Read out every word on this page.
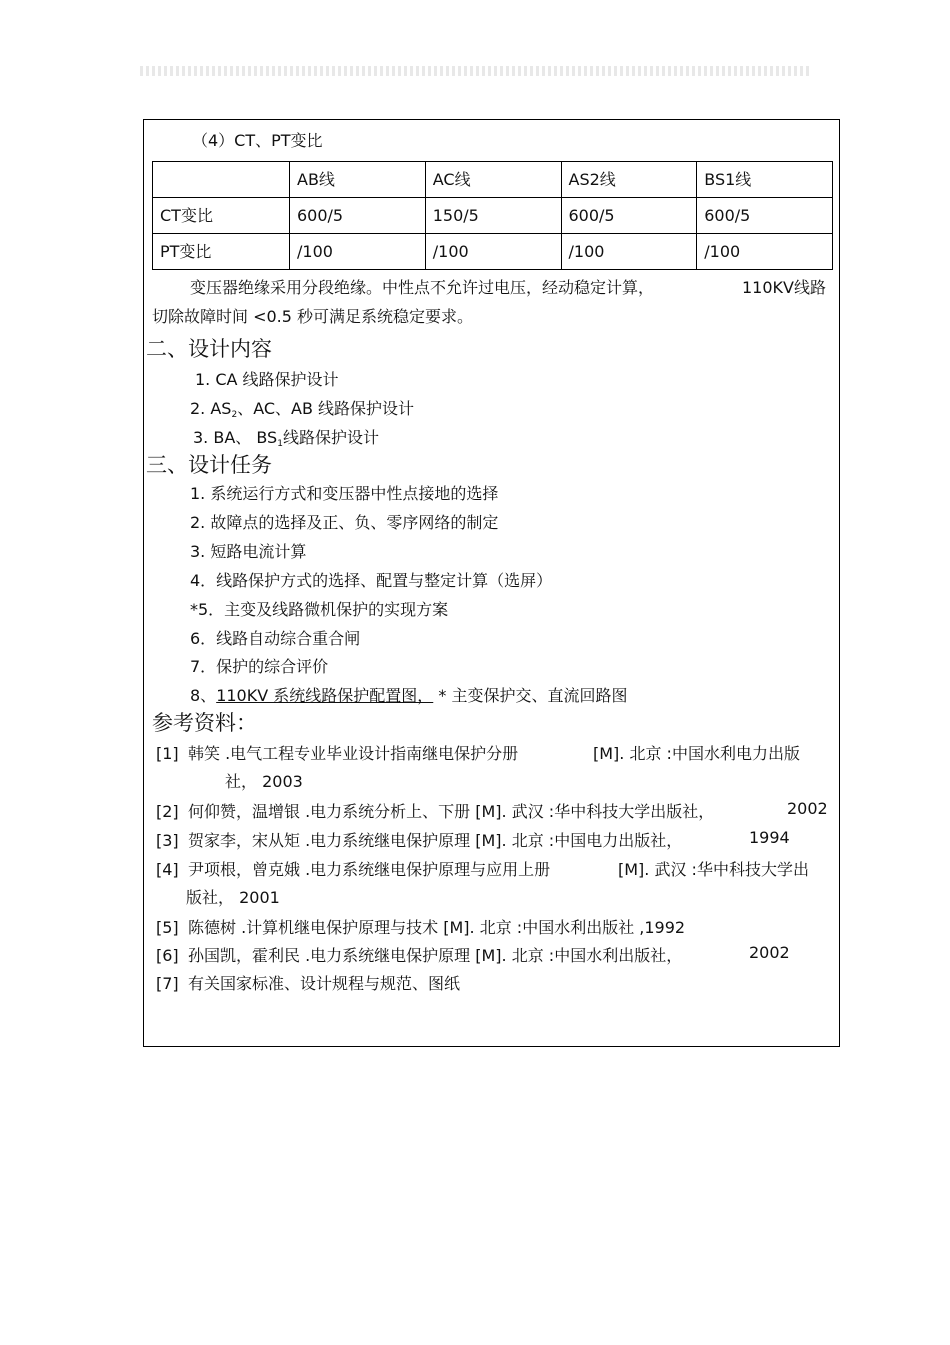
（4）CT、PT变比
	AB线	AC线	AS2线	BS1线
CT变比	600/5	150/5	600/5	600/5
PT变比	/100	/100	/100	/100
变压器绝缘采用分段绝缘。中性点不允许过电压，经动稳定计算，	110KV线路
切除故障时间 <0.5 秒可满足系统稳定要求。
二、设计内容
1. CA 线路保护设计
2. $AS_2$、AC、AB 线路保护设计
3. BA、 $BS_1$线路保护设计
三、设计任务
1. 系统运行方式和变压器中性点接地的选择
2. 故障点的选择及正、负、零序网络的制定
3. 短路电流计算
4．线路保护方式的选择、配置与整定计算（选屏）
*5．主变及线路微机保护的实现方案
6．线路自动综合重合闸
7．保护的综合评价
8、110KV 系统线路保护配置图， * 主变保护交、直流回路图
参考资料：
[1] 韩笑 .电气工程专业毕业设计指南继电保护分册	[M]. 北京 :中国水利电力出版
社， 2003
[2] 何仰赞，温增银 .电力系统分析上、下册 [M]. 武汉 :华中科技大学出版社，	2002
[3] 贺家李，宋从矩 .电力系统继电保护原理 [M]. 北京 :中国电力出版社，	1994
[4] 尹项根，曾克娥 .电力系统继电保护原理与应用上册	[M]. 武汉 :华中科技大学出
版社， 2001
[5] 陈德树 .计算机继电保护原理与技术 [M]. 北京 :中国水利出版社 ,1992
[6] 孙国凯，霍利民 .电力系统继电保护原理 [M]. 北京 :中国水利出版社，	2002
[7] 有关国家标准、设计规程与规范、图纸
